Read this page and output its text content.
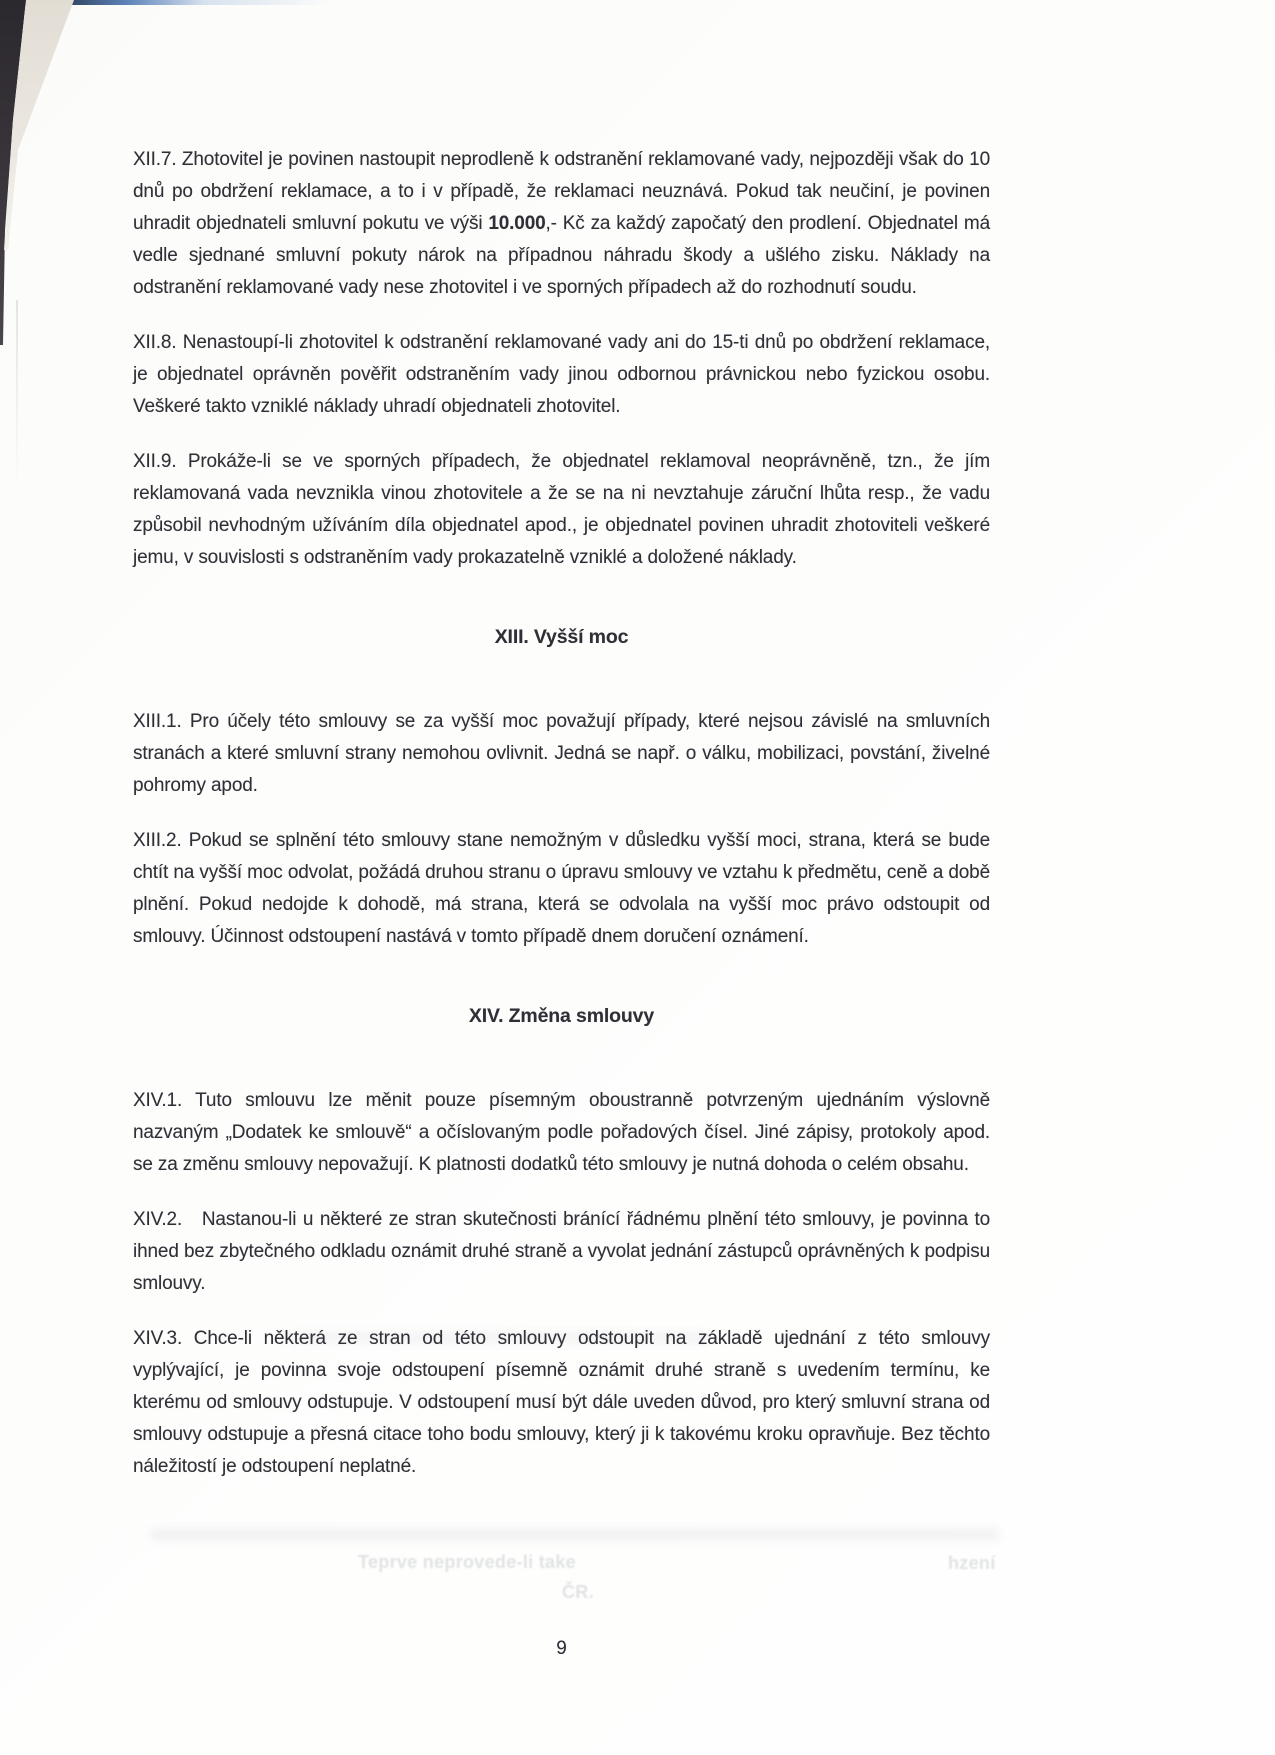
XII.7. Zhotovitel je povinen nastoupit neprodleně k odstranění reklamované vady, nejpozději však do 10 dnů po obdržení reklamace, a to i v případě, že reklamaci neuznává. Pokud tak neučiní, je povinen uhradit objednateli smluvní pokutu ve výši 10.000,- Kč za každý započatý den prodlení. Objednatel má vedle sjednané smluvní pokuty nárok na případnou náhradu škody a ušlého zisku. Náklady na odstranění reklamované vady nese zhotovitel i ve sporných případech až do rozhodnutí soudu.

XII.8. Nenastoupí-li zhotovitel k odstranění reklamované vady ani do 15-ti dnů po obdržení reklamace, je objednatel oprávněn pověřit odstraněním vady jinou odbornou právnickou nebo fyzickou osobu. Veškeré takto vzniklé náklady uhradí objednateli zhotovitel.

XII.9. Prokáže-li se ve sporných případech, že objednatel reklamoval neoprávněně, tzn., že jím reklamovaná vada nevznikla vinou zhotovitele a že se na ni nevztahuje záruční lhůta resp., že vadu způsobil nevhodným užíváním díla objednatel apod., je objednatel povinen uhradit zhotoviteli veškeré jemu, v souvislosti s odstraněním vady prokazatelně vzniklé a doložené náklady.

XIII. Vyšší moc

XIII.1. Pro účely této smlouvy se za vyšší moc považují případy, které nejsou závislé na smluvních stranách a které smluvní strany nemohou ovlivnit. Jedná se např. o válku, mobilizaci, povstání, živelné pohromy apod.

XIII.2. Pokud se splnění této smlouvy stane nemožným v důsledku vyšší moci, strana, která se bude chtít na vyšší moc odvolat, požádá druhou stranu o úpravu smlouvy ve vztahu k předmětu, ceně a době plnění. Pokud nedojde k dohodě, má strana, která se odvolala na vyšší moc právo odstoupit od smlouvy. Účinnost odstoupení nastává v tomto případě dnem doručení oznámení.

XIV. Změna smlouvy

XIV.1. Tuto smlouvu lze měnit pouze písemným oboustranně potvrzeným ujednáním výslovně nazvaným „Dodatek ke smlouvě“ a očíslovaným podle pořadových čísel. Jiné zápisy, protokoly apod. se za změnu smlouvy nepovažují. K platnosti dodatků této smlouvy je nutná dohoda o celém obsahu.

XIV.2.   Nastanou-li u některé ze stran skutečnosti bránící řádnému plnění této smlouvy, je povinna to ihned bez zbytečného odkladu oznámit druhé straně a vyvolat jednání zástupců oprávněných k podpisu smlouvy.

XIV.3. Chce-li některá ze stran od této smlouvy odstoupit na základě ujednání z této smlouvy vyplývající, je povinna svoje odstoupení písemně oznámit druhé straně s uvedením termínu, ke kterému od smlouvy odstupuje. V odstoupení musí být dále uveden důvod, pro který smluvní strana od smlouvy odstupuje a přesná citace toho bodu smlouvy, který ji k takovému kroku opravňuje. Bez těchto náležitostí je odstoupení neplatné.

Teprve neprovede-li take	hzení
ČR.
9
